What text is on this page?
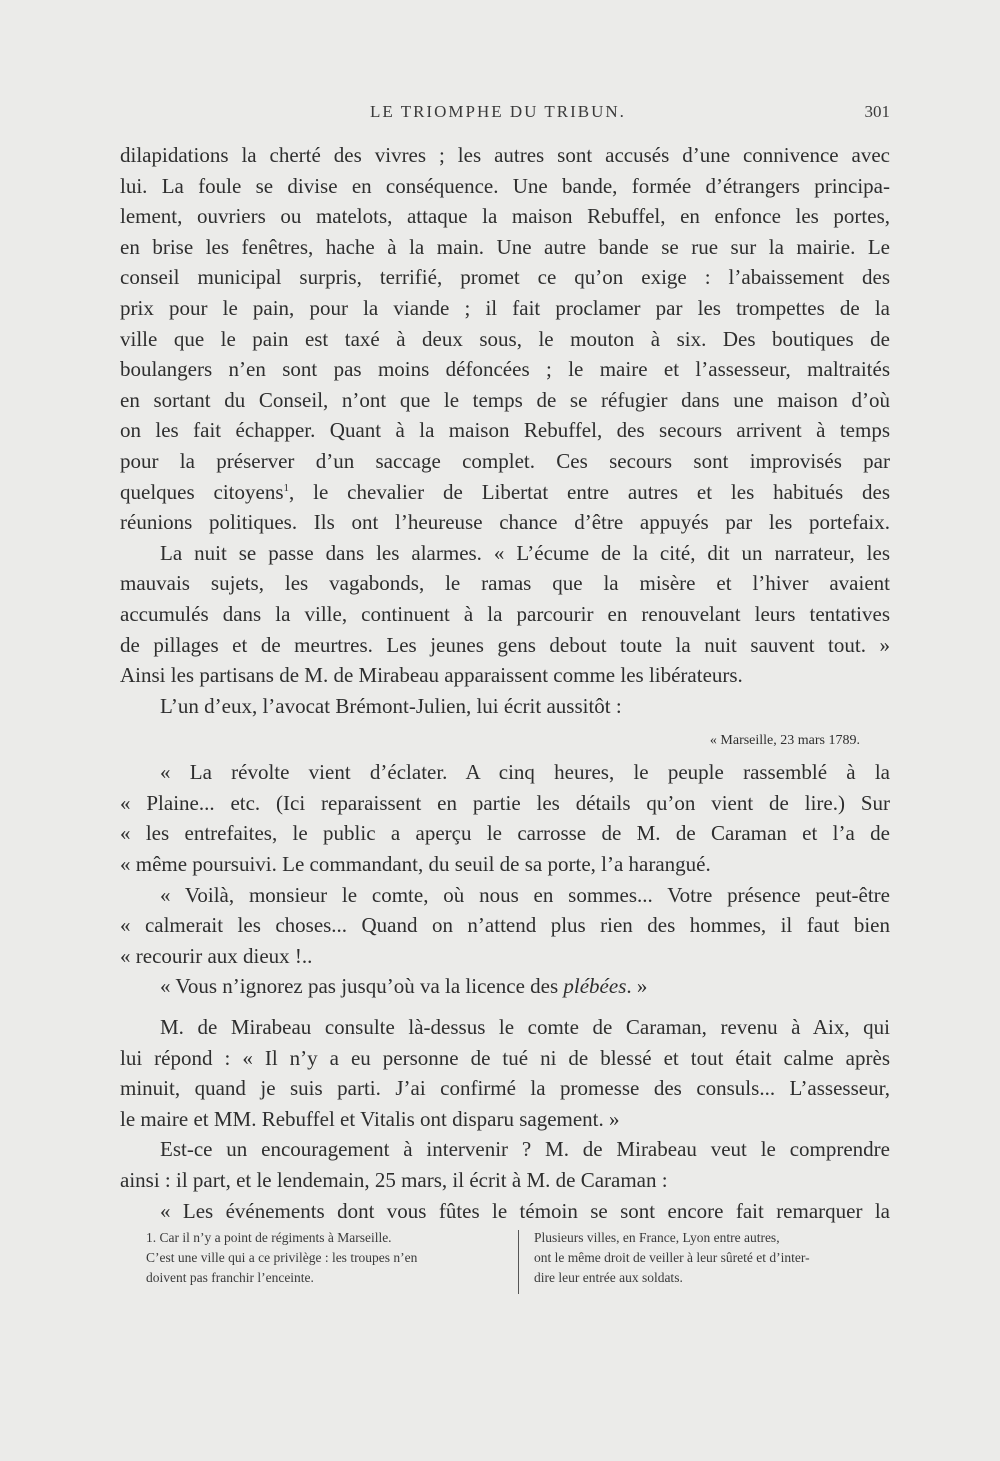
LE TRIOMPHE DU TRIBUN.	301
dilapidations la cherté des vivres ; les autres sont accusés d’une connivence avec
lui. La foule se divise en conséquence. Une bande, formée d’étrangers principa-
lement, ouvriers ou matelots, attaque la maison Rebuffel, en enfonce les portes,
en brise les fenêtres, hache à la main. Une autre bande se rue sur la mairie. Le
conseil municipal surpris, terrifié, promet ce qu’on exige : l’abaissement des
prix pour le pain, pour la viande ; il fait proclamer par les trompettes de la
ville que le pain est taxé à deux sous, le mouton à six. Des boutiques de
boulangers n’en sont pas moins défoncées ; le maire et l’assesseur, maltraités
en sortant du Conseil, n’ont que le temps de se réfugier dans une maison d’où
on les fait échapper. Quant à la maison Rebuffel, des secours arrivent à temps
pour la préserver d’un saccage complet. Ces secours sont improvisés par
quelques citoyens$^1$, le chevalier de Libertat entre autres et les habitués des
réunions politiques. Ils ont l’heureuse chance d’être appuyés par les portefaix.
La nuit se passe dans les alarmes. « L’écume de la cité, dit un narrateur, les
mauvais sujets, les vagabonds, le ramas que la misère et l’hiver avaient
accumulés dans la ville, continuent à la parcourir en renouvelant leurs tentatives
de pillages et de meurtres. Les jeunes gens debout toute la nuit sauvent tout. »
Ainsi les partisans de M. de Mirabeau apparaissent comme les libérateurs.
L’un d’eux, l’avocat Brémont-Julien, lui écrit aussitôt :
« Marseille, 23 mars 1789.
« La révolte vient d’éclater. A cinq heures, le peuple rassemblé à la
« Plaine... etc. (Ici reparaissent en partie les détails qu’on vient de lire.) Sur
« les entrefaites, le public a aperçu le carrosse de M. de Caraman et l’a de
« même poursuivi. Le commandant, du seuil de sa porte, l’a harangué.
« Voilà, monsieur le comte, où nous en sommes... Votre présence peut-être
« calmerait les choses... Quand on n’attend plus rien des hommes, il faut bien
« recourir aux dieux !..
« Vous n’ignorez pas jusqu’où va la licence des plébées. »
M. de Mirabeau consulte là-dessus le comte de Caraman, revenu à Aix, qui
lui répond : « Il n’y a eu personne de tué ni de blessé et tout était calme après
minuit, quand je suis parti. J’ai confirmé la promesse des consuls... L’assesseur,
le maire et MM. Rebuffel et Vitalis ont disparu sagement. »
Est-ce un encouragement à intervenir ? M. de Mirabeau veut le comprendre
ainsi : il part, et le lendemain, 25 mars, il écrit à M. de Caraman :
« Les événements dont vous fûtes le témoin se sont encore fait remarquer la
1. Car il n’y a point de régiments à Marseille.
C’est une ville qui a ce privilège : les troupes n’en
doivent pas franchir l’enceinte.
Plusieurs villes, en France, Lyon entre autres,
ont le même droit de veiller à leur sûreté et d’inter-
dire leur entrée aux soldats.
